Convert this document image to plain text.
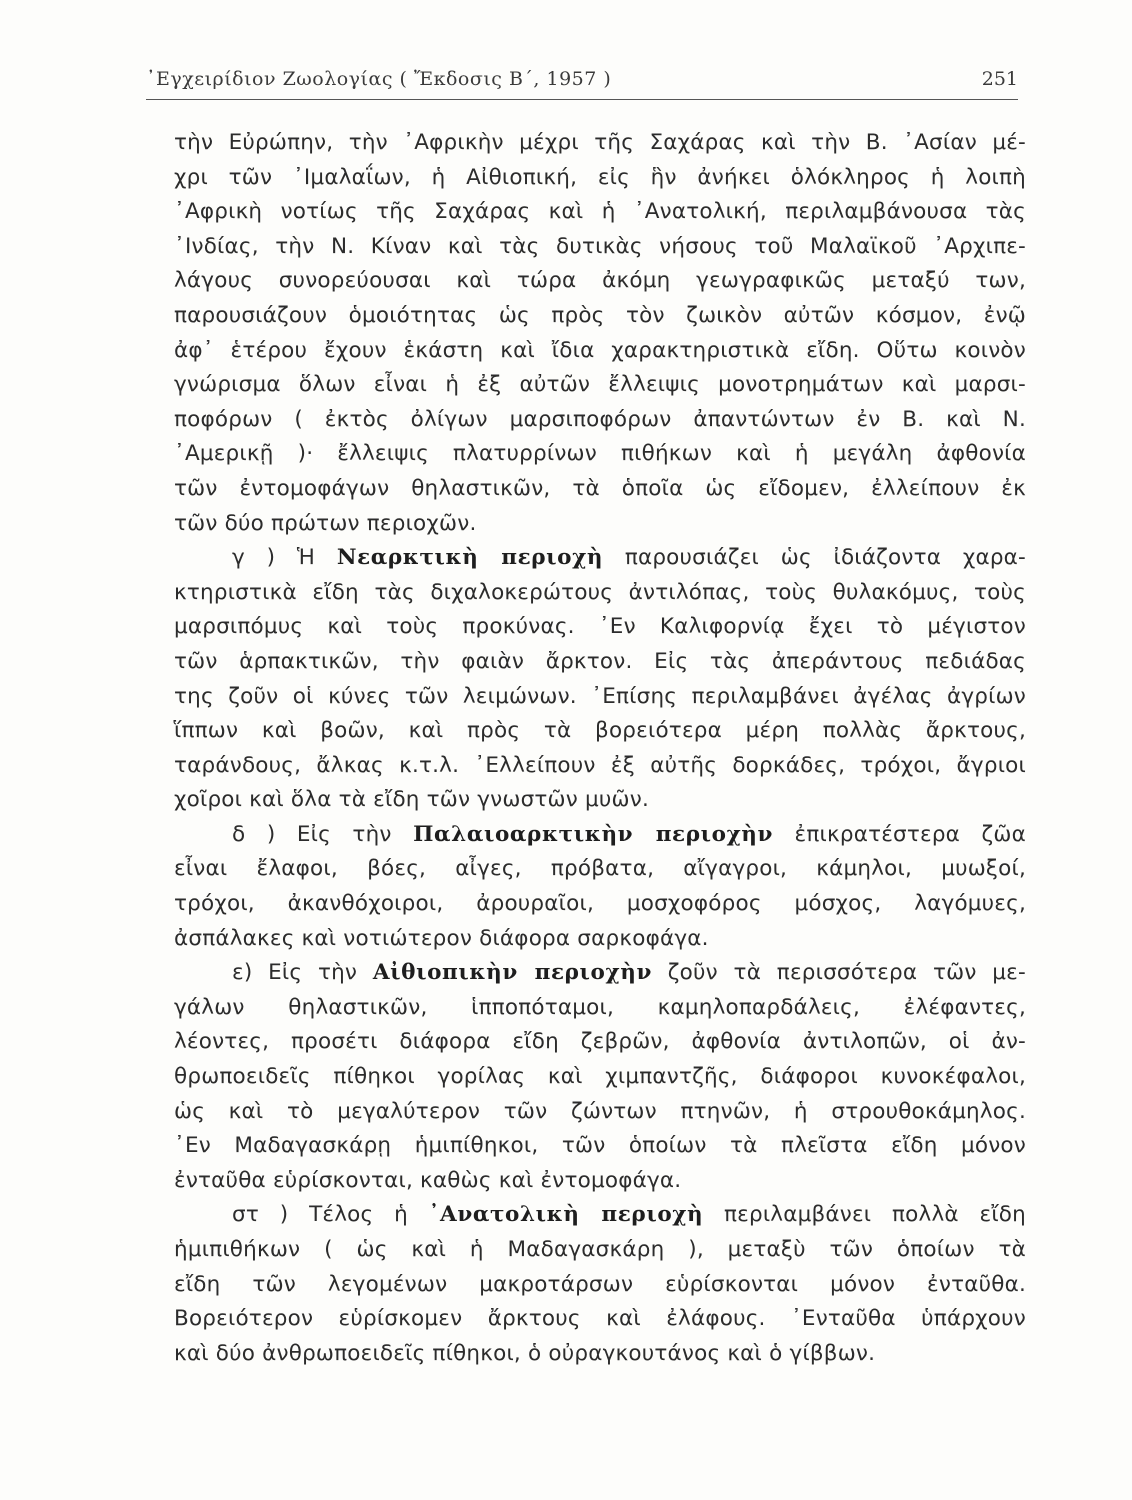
᾿Εγχειρίδιον Ζωολογίας ( Ἔκδοσις Β΄, 1957 )	251
τὴν Εὐρώπην, τὴν ᾿Αφρικὴν μέχρι τῆς Σαχάρας καὶ τὴν Β. ᾿Ασίαν μέ-
χρι τῶν ᾿Ιμαλαΐων, ἡ Αἰθιοπική, εἰς ἣν ἀνήκει ὁλόκληρος ἡ λοιπὴ
᾿Αφρικὴ νοτίως τῆς Σαχάρας καὶ ἡ ᾿Ανατολική, περιλαμβάνουσα τὰς
᾿Ινδίας, τὴν Ν. Κίναν καὶ τὰς δυτικὰς νήσους τοῦ Μαλαϊκοῦ ᾿Αρχιπε-
λάγους συνορεύουσαι καὶ τώρα ἀκόμη γεωγραφικῶς μεταξύ των,
παρουσιάζουν ὁμοιότητας ὡς πρὸς τὸν ζωικὸν αὐτῶν κόσμον, ἐνῷ
ἀφ᾿ ἑτέρου ἔχουν ἑκάστη καὶ ἴδια χαρακτηριστικὰ εἴδη. Οὕτω κοινὸν
γνώρισμα ὅλων εἶναι ἡ ἐξ αὐτῶν ἔλλειψις μονοτρημάτων καὶ μαρσι-
ποφόρων ( ἐκτὸς ὀλίγων μαρσιποφόρων ἀπαντώντων ἐν Β. καὶ Ν.
᾿Αμερικῇ )· ἔλλειψις πλατυρρίνων πιθήκων καὶ ἡ μεγάλη ἀφθονία
τῶν ἐντομοφάγων θηλαστικῶν, τὰ ὁποῖα ὡς εἴδομεν, ἐλλείπουν ἐκ
τῶν δύο πρώτων περιοχῶν.
γ ) Ἡ Νεαρκτικὴ περιοχὴ παρουσιάζει ὡς ἰδιάζοντα χαρα-
κτηριστικὰ εἴδη τὰς διχαλοκερώτους ἀντιλόπας, τοὺς θυλακόμυς, τοὺς
μαρσιπόμυς καὶ τοὺς προκύνας. ᾿Εν Καλιφορνίᾳ ἔχει τὸ μέγιστον
τῶν ἁρπακτικῶν, τὴν φαιὰν ἄρκτον. Εἰς τὰς ἀπεράντους πεδιάδας
της ζοῦν οἱ κύνες τῶν λειμώνων. ᾿Επίσης περιλαμβάνει ἀγέλας ἀγρίων
ἵππων καὶ βοῶν, καὶ πρὸς τὰ βορειότερα μέρη πολλὰς ἄρκτους,
ταράνδους, ἄλκας κ.τ.λ. ᾿Ελλείπουν ἐξ αὐτῆς δορκάδες, τρόχοι, ἄγριοι
χοῖροι καὶ ὅλα τὰ εἴδη τῶν γνωστῶν μυῶν.
δ ) Εἰς τὴν Παλαιοαρκτικὴν περιοχὴν ἐπικρατέστερα ζῶα
εἶναι ἔλαφοι, βόες, αἶγες, πρόβατα, αἴγαγροι, κάμηλοι, μυωξοί,
τρόχοι, ἀκανθόχοιροι, ἀρουραῖοι, μοσχοφόρος μόσχος, λαγόμυες,
ἀσπάλακες καὶ νοτιώτερον διάφορα σαρκοφάγα.
ε) Εἰς τὴν Αἰθιοπικὴν περιοχὴν ζοῦν τὰ περισσότερα τῶν με-
γάλων θηλαστικῶν, ἱπποπόταμοι, καμηλοπαρδάλεις, ἐλέφαντες,
λέοντες, προσέτι διάφορα εἴδη ζεβρῶν, ἀφθονία ἀντιλοπῶν, οἱ ἀν-
θρωποειδεῖς πίθηκοι γορίλας καὶ χιμπαντζῆς, διάφοροι κυνοκέφαλοι,
ὡς καὶ τὸ μεγαλύτερον τῶν ζώντων πτηνῶν, ἡ στρουθοκάμηλος.
᾿Εν Μαδαγασκάρῃ ἡμιπίθηκοι, τῶν ὁποίων τὰ πλεῖστα εἴδη μόνον
ἐνταῦθα εὑρίσκονται, καθὼς καὶ ἐντομοφάγα.
στ ) Τέλος ἡ ᾿Ανατολικὴ περιοχὴ περιλαμβάνει πολλὰ εἴδη
ἡμιπιθήκων ( ὡς καὶ ἡ Μαδαγασκάρη ), μεταξὺ τῶν ὁποίων τὰ
εἴδη τῶν λεγομένων μακροτάρσων εὑρίσκονται μόνον ἐνταῦθα.
Βορειότερον εὑρίσκομεν ἄρκτους καὶ ἐλάφους. ᾿Ενταῦθα ὑπάρχουν
καὶ δύο ἀνθρωποειδεῖς πίθηκοι, ὁ οὐραγκουτάνος καὶ ὁ γίββων.
